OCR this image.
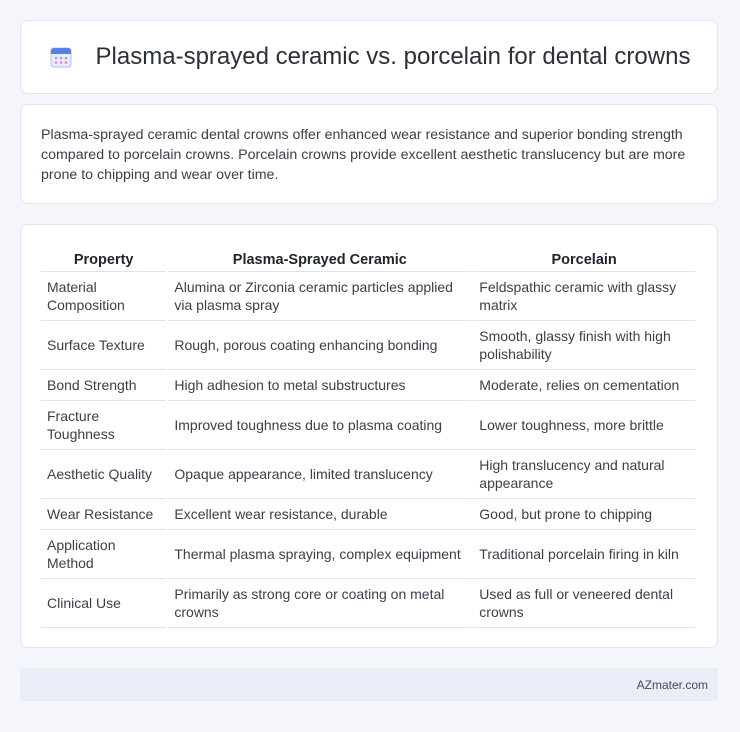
Plasma-sprayed ceramic vs. porcelain for dental crowns

Plasma-sprayed ceramic dental crowns offer enhanced wear resistance and superior bonding strength compared to porcelain crowns. Porcelain crowns provide excellent aesthetic translucency but are more prone to chipping and wear over time.

Property	Plasma-Sprayed Ceramic	Porcelain
Material Composition	Alumina or Zirconia ceramic particles applied via plasma spray	Feldspathic ceramic with glassy matrix
Surface Texture	Rough, porous coating enhancing bonding	Smooth, glassy finish with high polishability
Bond Strength	High adhesion to metal substructures	Moderate, relies on cementation
Fracture Toughness	Improved toughness due to plasma coating	Lower toughness, more brittle
Aesthetic Quality	Opaque appearance, limited translucency	High translucency and natural appearance
Wear Resistance	Excellent wear resistance, durable	Good, but prone to chipping
Application Method	Thermal plasma spraying, complex equipment	Traditional porcelain firing in kiln
Clinical Use	Primarily as strong core or coating on metal crowns	Used as full or veneered dental crowns
AZmater.com
